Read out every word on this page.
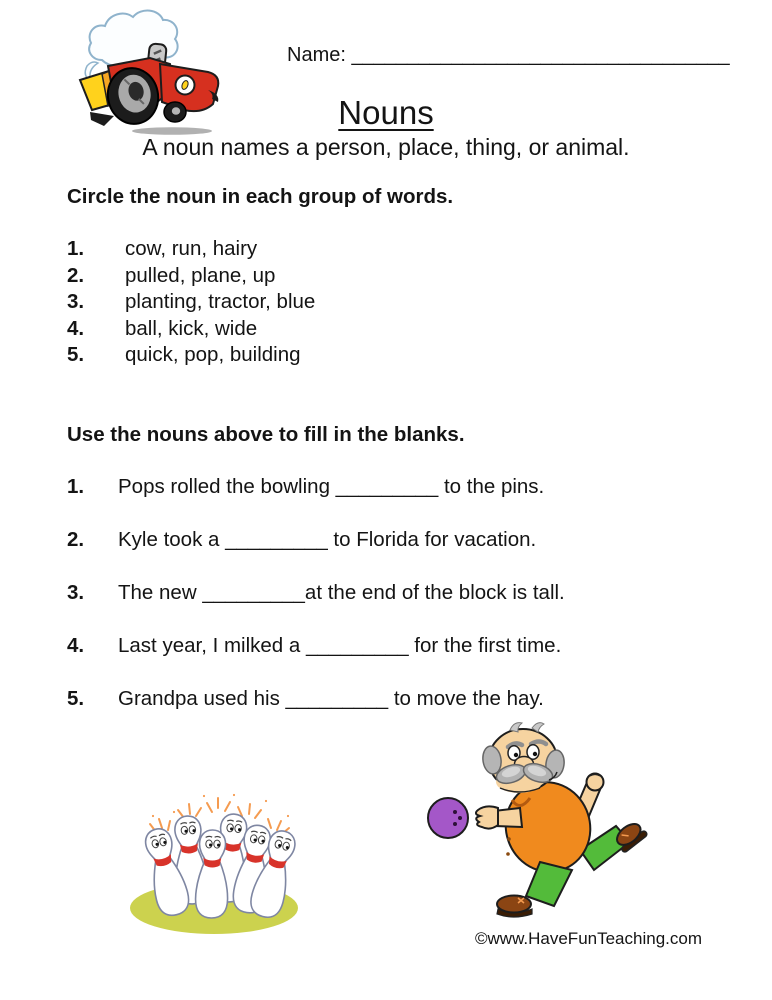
Name: __________________________________
Nouns
A noun names a person, place, thing, or animal.
Circle the noun in each group of words.
1.	cow, run, hairy
2.	pulled, plane, up
3.	planting, tractor, blue
4.	ball, kick, wide
5.	quick, pop, building
Use the nouns above to fill in the blanks.
1.	Pops rolled the bowling _________ to the pins.
2.	Kyle took a _________ to Florida for vacation.
3.	The new _________at the end of the block is tall.
4.	Last year, I milked a _________ for the first time.
5.	Grandpa used his _________ to move the hay.
©www.HaveFunTeaching.com
